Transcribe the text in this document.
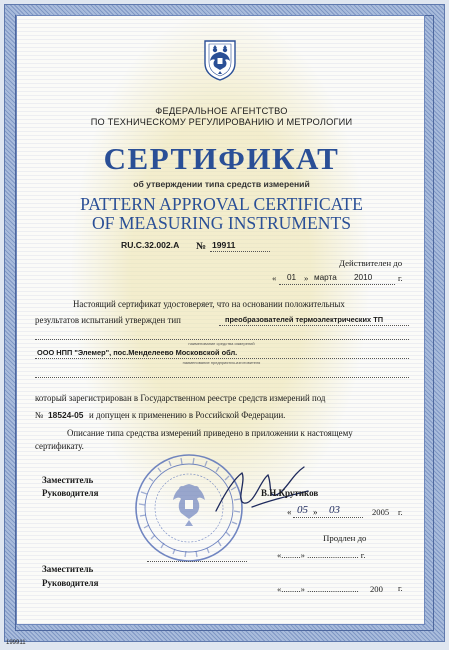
ФЕДЕРАЛЬНОЕ АГЕНТСТВО
ПО ТЕХНИЧЕСКОМУ РЕГУЛИРОВАНИЮ И МЕТРОЛОГИИ
СЕРТИФИКАТ
об утверждении типа средств измерений
PATTERN APPROVAL CERTIFICATE
OF MEASURING INSTRUMENTS
RU.C.32.002.A № 19911
Действителен до
« 01 » марта 2010	г.
Настоящий сертификат удостоверяет, что на основании положительных
результатов испытаний утвержден тип	преобразователей термоэлектрических ТП
наименование средства измерений
ООО НПП "Элемер", пос.Менделеево Московской обл.
наименование предприятия-изготовителя
который зарегистрирован в Государственном реестре средств измерений под
№ 18524-05 и допущен к применению в Российской Федерации.
Описание типа средства измерений приведено в приложении к настоящему
сертификату.
Заместитель
Руководителя	В.Н.Крутиков
« 05 » 03	2005 г.
Продлен до
«.........» ........................ г.
Заместитель
Руководителя
«.........» ........................ 200 г.
199911
